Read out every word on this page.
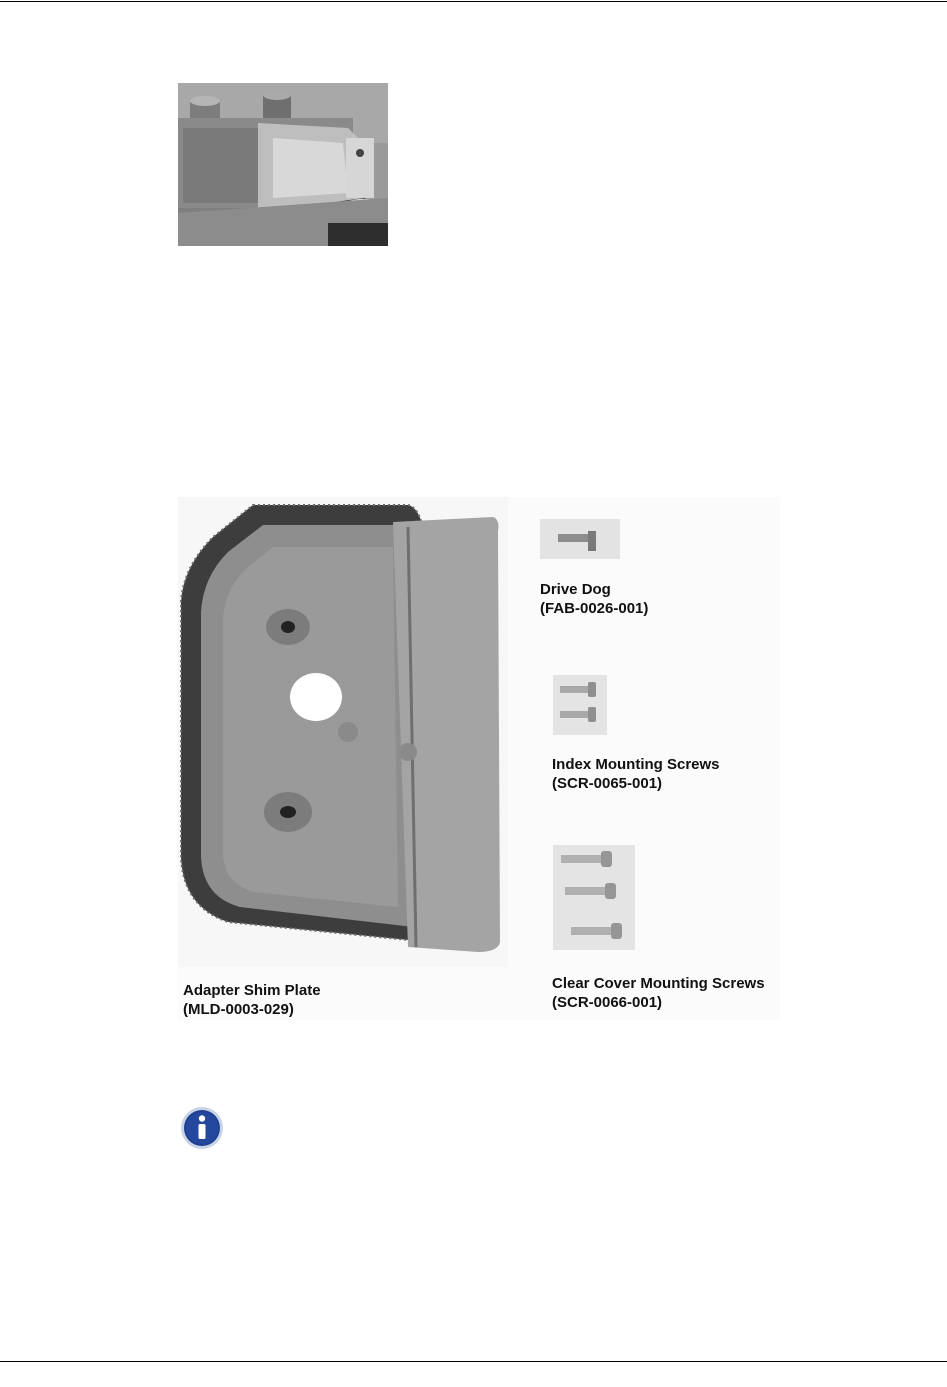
Adapter Shim Plate
(MLD-0003-029)
Drive Dog
(FAB-0026-001)
Index Mounting Screws
(SCR-0065-001)
Clear Cover Mounting Screws
(SCR-0066-001)
